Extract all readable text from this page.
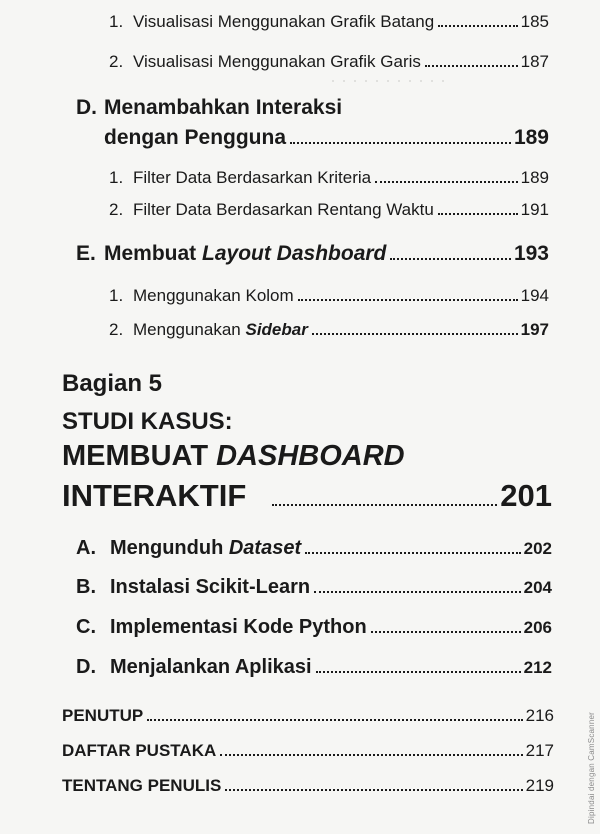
· · · · · · · · · · ·
1. Visualisasi Menggunakan Grafik Batang	185
2. Visualisasi Menggunakan Grafik Garis	187
D. Menambahkan Interaksi
dengan Pengguna	189
1. Filter Data Berdasarkan Kriteria	189
2. Filter Data Berdasarkan Rentang Waktu	191
E. Membuat Layout Dashboard	193
1. Menggunakan Kolom	194
2. Menggunakan Sidebar	197
Bagian 5
STUDI KASUS:
MEMBUAT DASHBOARD
INTERAKTIF	201
A. Mengunduh Dataset	202
B. Instalasi Scikit-Learn	204
C. Implementasi Kode Python	206
D. Menjalankan Aplikasi	212
PENUTUP	216
DAFTAR PUSTAKA	217
TENTANG PENULIS	219	Dipindai dengan CamScanner
